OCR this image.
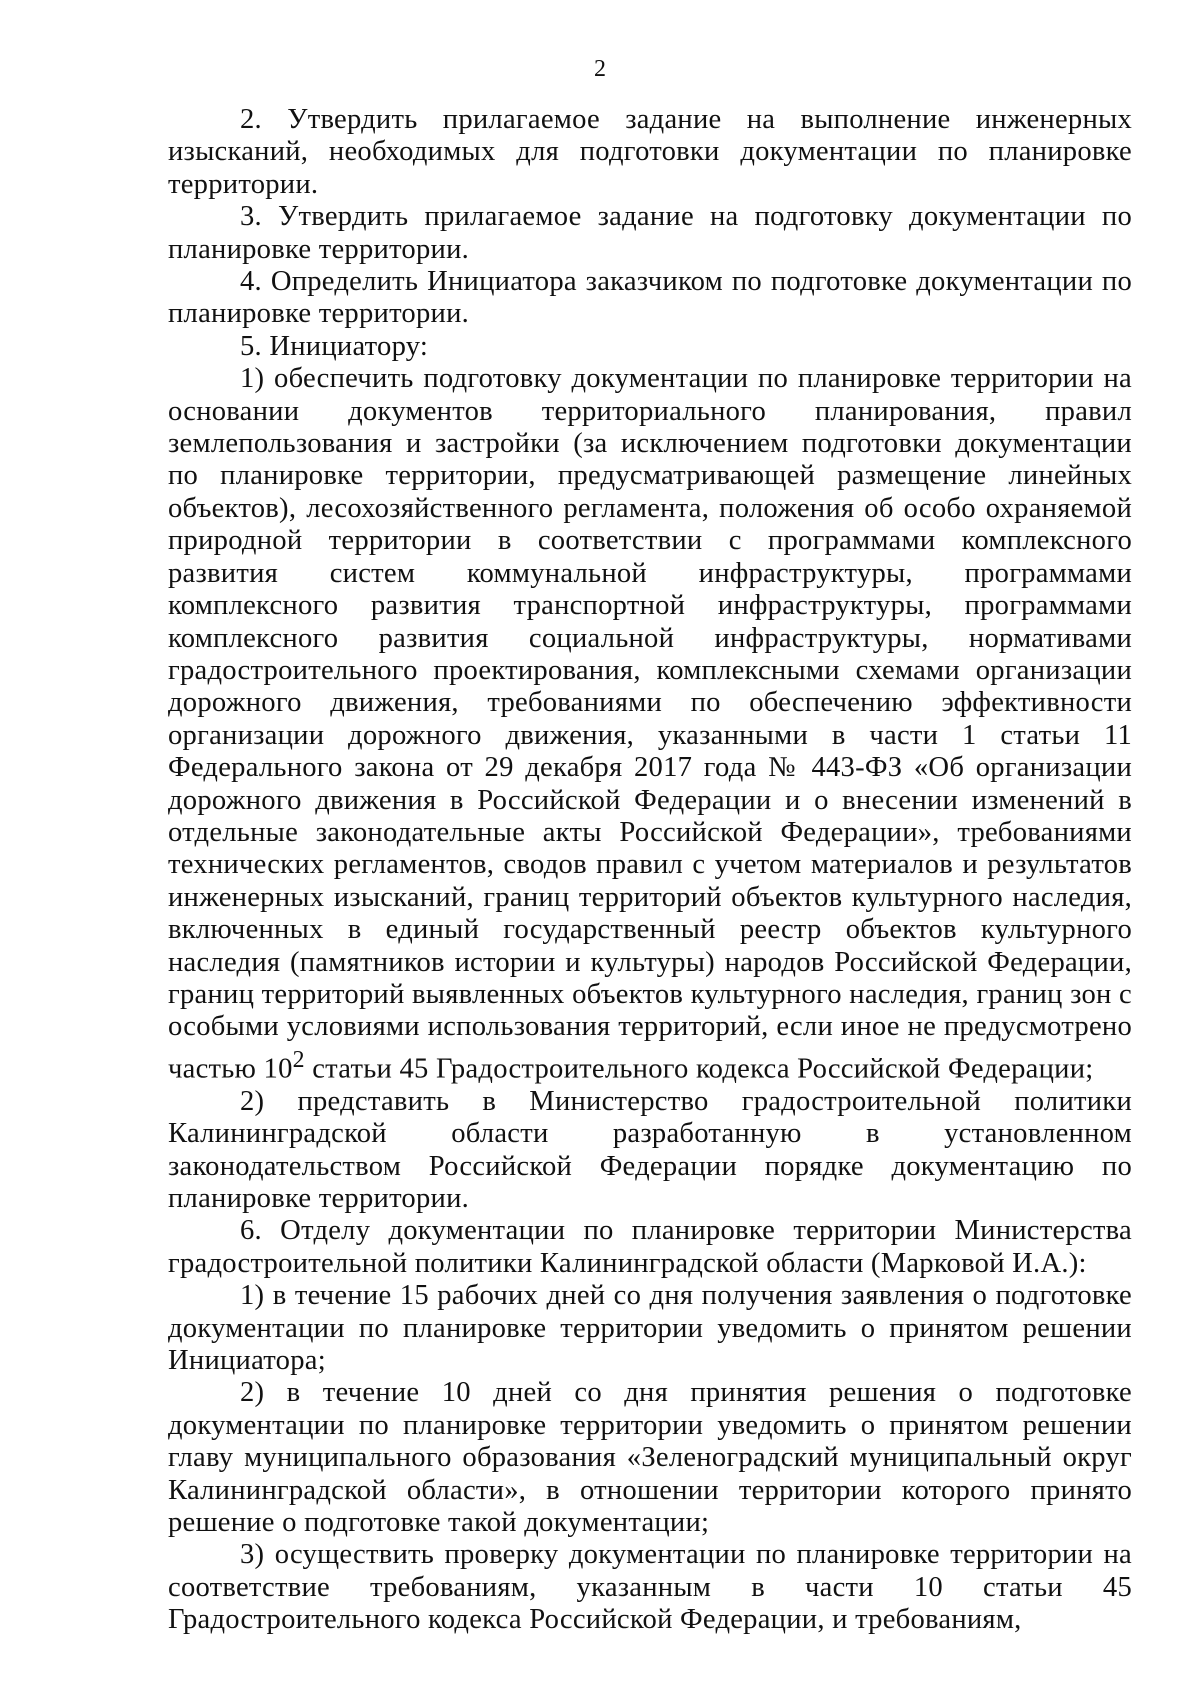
2

2. Утвердить прилагаемое задание на выполнение инженерных изысканий, необходимых для подготовки документации по планировке территории.

3. Утвердить прилагаемое задание на подготовку документации по планировке территории.

4. Определить Инициатора заказчиком по подготовке документации по планировке территории.

5. Инициатору:

1) обеспечить подготовку документации по планировке территории на основании документов территориального планирования, правил землепользования и застройки (за исключением подготовки документации по планировке территории, предусматривающей размещение линейных объектов), лесохозяйственного регламента, положения об особо охраняемой природной территории в соответствии с программами комплексного развития систем коммунальной инфраструктуры, программами комплексного развития транспортной инфраструктуры, программами комплексного развития социальной инфраструктуры, нормативами градостроительного проектирования, комплексными схемами организации дорожного движения, требованиями по обеспечению эффективности организации дорожного движения, указанными в части 1 статьи 11 Федерального закона от 29 декабря 2017 года № 443-ФЗ «Об организации дорожного движения в Российской Федерации и о внесении изменений в отдельные законодательные акты Российской Федерации», требованиями технических регламентов, сводов правил с учетом материалов и результатов инженерных изысканий, границ территорий объектов культурного наследия, включенных в единый государственный реестр объектов культурного наследия (памятников истории и культуры) народов Российской Федерации, границ территорий выявленных объектов культурного наследия, границ зон с особыми условиями использования территорий, если иное не предусмотрено частью $10^2$ статьи 45 Градостроительного кодекса Российской Федерации;

2) представить в Министерство градостроительной политики Калининградской области разработанную в установленном законодательством Российской Федерации порядке документацию по планировке территории.

6. Отделу документации по планировке территории Министерства градостроительной политики Калининградской области (Марковой И.А.):

1) в течение 15 рабочих дней со дня получения заявления о подготовке документации по планировке территории уведомить о принятом решении Инициатора;

2) в течение 10 дней со дня принятия решения о подготовке документации по планировке территории уведомить о принятом решении главу муниципального образования «Зеленоградский муниципальный округ Калининградской области», в отношении территории которого принято решение о подготовке такой документации;

3) осуществить проверку документации по планировке территории на соответствие требованиям, указанным в части 10 статьи 45 Градостроительного кодекса Российской Федерации, и требованиям,
